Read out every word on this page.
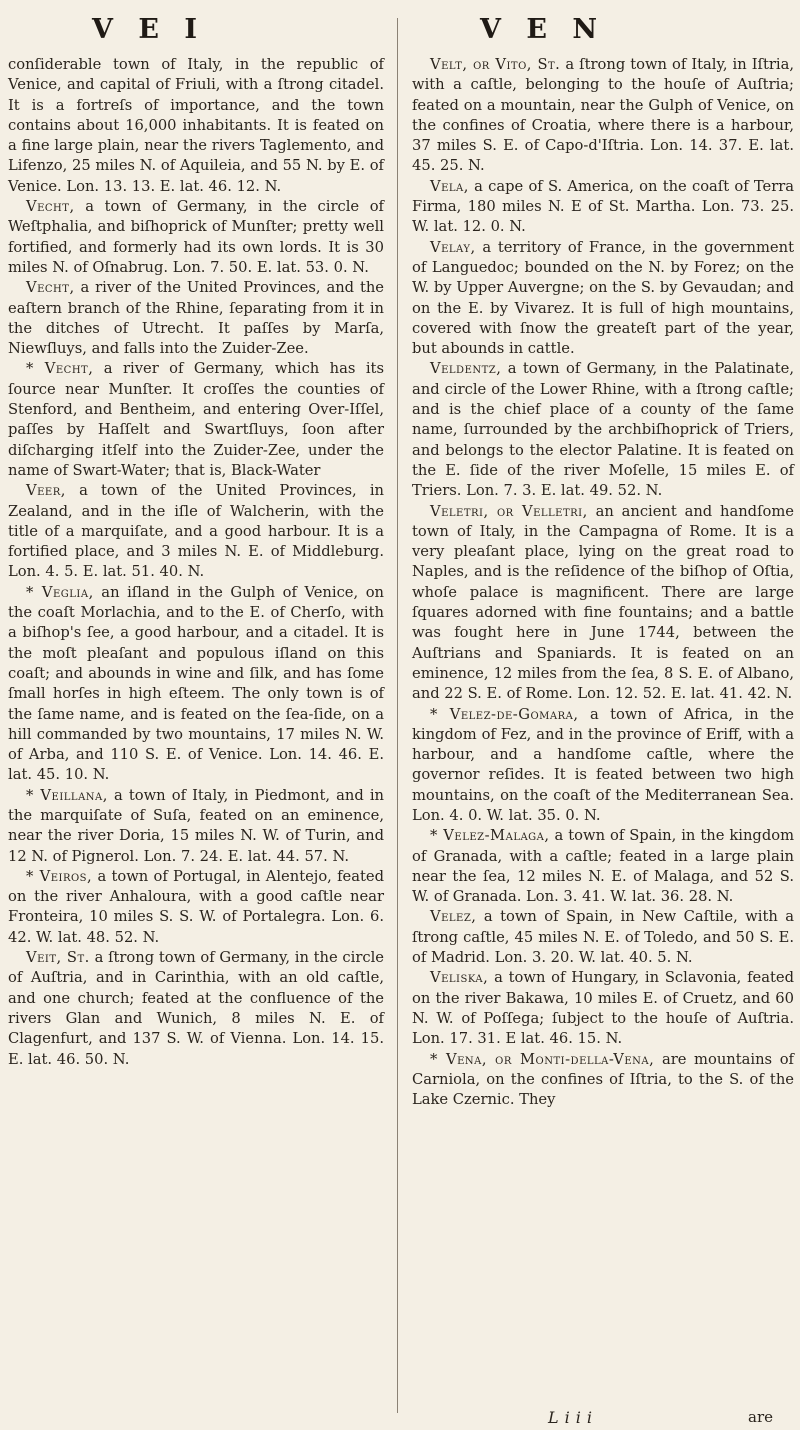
V E I	V E N

conſiderable town of Italy, in the republic of Venice, and capital of Friuli, with a ſtrong citadel. It is a fortreſs of importance, and the town contains about 16,000 inhabitants. It is feated on a fine large plain, near the rivers Taglemento, and Lifenzo, 25 miles N. of Aquileia, and 55 N. by E. of Venice. Lon. 13. 13. E. lat. 46. 12. N.

Vecht, a town of Germany, in the circle of Weſtphalia, and biſhoprick of Munſter; pretty well fortified, and formerly had its own lords. It is 30 miles N. of Oſnabrug. Lon. 7. 50. E. lat. 53. 0. N.

Vecht, a river of the United Provinces, and the eaſtern branch of the Rhine, ſeparating from it in the ditches of Utrecht. It paſſes by Marſa, Niewſluys, and falls into the Zuider-Zee.

* Vecht, a river of Germany, which has its ſource near Munſter. It croſſes the counties of Stenford, and Bentheim, and entering Over-Iſſel, paſſes by Haſſelt and Swartſluys, ſoon after diſcharging itſelf into the Zuider-Zee, under the name of Swart-Water; that is, Black-Water

Veer, a town of the United Provinces, in Zealand, and in the iſle of Walcherin, with the title of a marquiſate, and a good harbour. It is a fortified place, and 3 miles N. E. of Middleburg. Lon. 4. 5. E. lat. 51. 40. N.

* Veglia, an iſland in the Gulph of Venice, on the coaſt Morlachia, and to the E. of Cherſo, with a biſhop's ſee, a good harbour, and a citadel. It is the moſt pleaſant and populous iſland on this coaſt; and abounds in wine and ſilk, and has ſome ſmall horſes in high eſteem. The only town is of the ſame name, and is feated on the ſea-ſide, on a hill commanded by two mountains, 17 miles N. W. of Arba, and 110 S. E. of Venice. Lon. 14. 46. E. lat. 45. 10. N.

* Veillana, a town of Italy, in Piedmont, and in the marquiſate of Suſa, feated on an eminence, near the river Doria, 15 miles N. W. of Turin, and 12 N. of Pignerol. Lon. 7. 24. E. lat. 44. 57. N.

* Veiros, a town of Portugal, in Alentejo, feated on the river Anhaloura, with a good caſtle near Fronteira, 10 miles S. S. W. of Portalegra. Lon. 6. 42. W. lat. 48. 52. N.

Veit, St. a ſtrong town of Germany, in the circle of Auſtria, and in Carinthia, with an old caſtle, and one church; feated at the confluence of the rivers Glan and Wunich, 8 miles N. E. of Clagenfurt, and 137 S. W. of Vienna. Lon. 14. 15. E. lat. 46. 50. N.

Velt, or Vito, St. a ſtrong town of Italy, in Iſtria, with a caſtle, belonging to the houſe of Auſtria; feated on a mountain, near the Gulph of Venice, on the confines of Croatia, where there is a harbour, 37 miles S. E. of Capo-d'Iſtria. Lon. 14. 37. E. lat. 45. 25. N.

Vela, a cape of S. America, on the coaſt of Terra Firma, 180 miles N. E of St. Martha. Lon. 73. 25. W. lat. 12. 0. N.

Velay, a territory of France, in the government of Languedoc; bounded on the N. by Forez; on the W. by Upper Auvergne; on the S. by Gevaudan; and on the E. by Vivarez. It is full of high mountains, covered with ſnow the greateſt part of the year, but abounds in cattle.

Veldentz, a town of Germany, in the Palatinate, and circle of the Lower Rhine, with a ſtrong caſtle; and is the chief place of a county of the ſame name, ſurrounded by the archbiſhoprick of Triers, and belongs to the elector Palatine. It is feated on the E. ſide of the river Moſelle, 15 miles E. of Triers. Lon. 7. 3. E. lat. 49. 52. N.

Veletri, or Velletri, an ancient and handſome town of Italy, in the Campagna of Rome. It is a very pleaſant place, lying on the great road to Naples, and is the reſidence of the biſhop of Oſtia, whoſe palace is magnificent. There are large ſquares adorned with fine fountains; and a battle was fought here in June 1744, between the Auſtrians and Spaniards. It is feated on an eminence, 12 miles from the ſea, 8 S. E. of Albano, and 22 S. E. of Rome. Lon. 12. 52. E. lat. 41. 42. N.

* Velez-de-Gomara, a town of Africa, in the kingdom of Fez, and in the province of Eriff, with a harbour, and a handſome caſtle, where the governor reſides. It is feated between two high mountains, on the coaſt of the Mediterranean Sea. Lon. 4. 0. W. lat. 35. 0. N.

* Velez-Malaga, a town of Spain, in the kingdom of Granada, with a caſtle; feated in a large plain near the ſea, 12 miles N. E. of Malaga, and 52 S. W. of Granada. Lon. 3. 41. W. lat. 36. 28. N.

Velez, a town of Spain, in New Caſtile, with a ſtrong caſtle, 45 miles N. E. of Toledo, and 50 S. E. of Madrid. Lon. 3. 20. W. lat. 40. 5. N.

Veliska, a town of Hungary, in Sclavonia, feated on the river Bakawa, 10 miles E. of Cruetz, and 60 N. W. of Poſſega; ſubject to the houſe of Auſtria. Lon. 17. 31. E lat. 46. 15. N.

* Vena, or Monti-della-Vena, are mountains of Carniola, on the confines of Iſtria, to the S. of the Lake Czernic. They

Liii	are
